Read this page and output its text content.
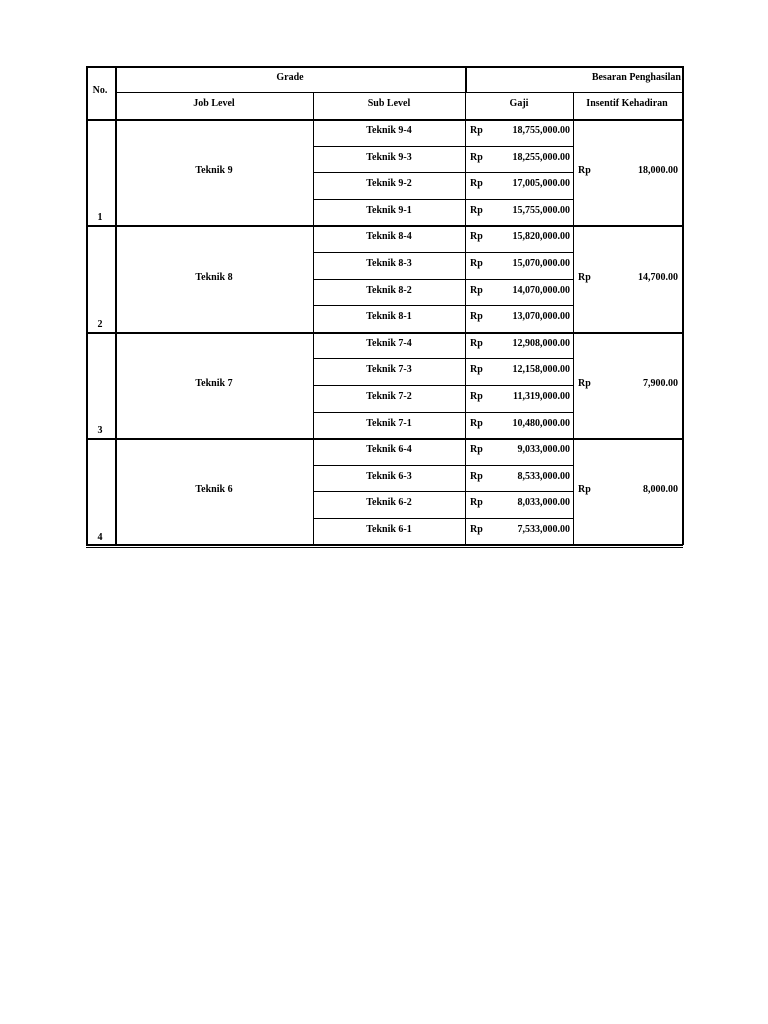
No.
Grade	Besaran Penghasilan
Job Level	Sub Level	Gaji	Insentif Kehadiran
1
Teknik 9	Rp	18,000.00
Teknik 9-4	Rp	18,755,000.00
Teknik 9-3	Rp	18,255,000.00
Teknik 9-2	Rp	17,005,000.00
Teknik 9-1	Rp	15,755,000.00
2
Teknik 8	Rp	14,700.00
Teknik 8-4	Rp	15,820,000.00
Teknik 8-3	Rp	15,070,000.00
Teknik 8-2	Rp	14,070,000.00
Teknik 8-1	Rp	13,070,000.00
3
Teknik 7	Rp	7,900.00
Teknik 7-4	Rp	12,908,000.00
Teknik 7-3	Rp	12,158,000.00
Teknik 7-2	Rp	11,319,000.00
Teknik 7-1	Rp	10,480,000.00
4
Teknik 6	Rp	8,000.00
Teknik 6-4	Rp	9,033,000.00
Teknik 6-3	Rp	8,533,000.00
Teknik 6-2	Rp	8,033,000.00
Teknik 6-1	Rp	7,533,000.00
